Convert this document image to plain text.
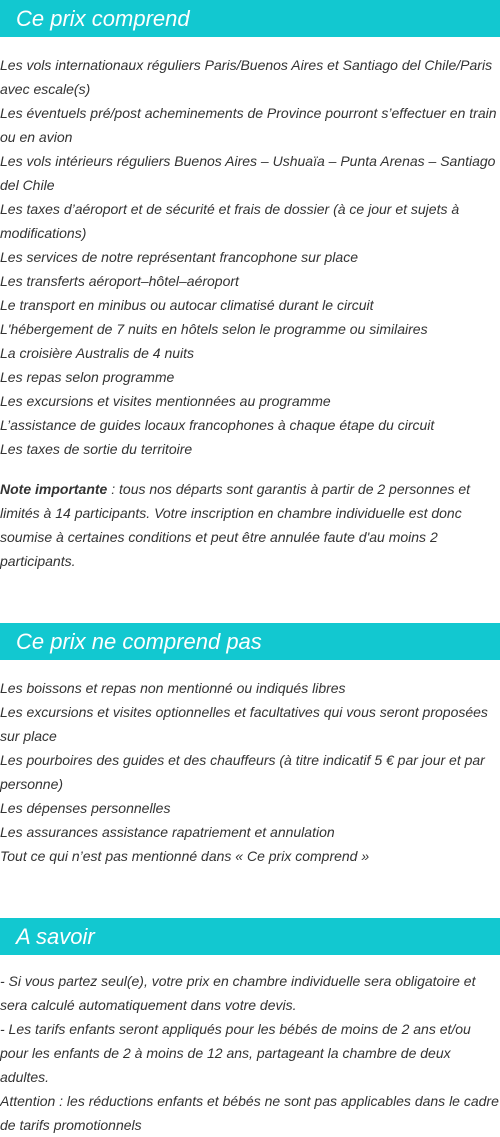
Ce prix comprend
Les vols internationaux réguliers Paris/Buenos Aires et Santiago del Chile/Paris avec escale(s)
Les éventuels pré/post acheminements de Province pourront s’effectuer en train ou en avion
Les vols intérieurs réguliers Buenos Aires – Ushuaïa – Punta Arenas – Santiago del Chile
Les taxes d’aéroport et de sécurité et frais de dossier (à ce jour et sujets à modifications)
Les services de notre représentant francophone sur place
Les transferts aéroport–hôtel–aéroport
Le transport en minibus ou autocar climatisé durant le circuit
L'hébergement de 7 nuits en hôtels selon le programme ou similaires
La croisière Australis de 4 nuits
Les repas selon programme
Les excursions et visites mentionnées au programme
L’assistance de guides locaux francophones à chaque étape du circuit
Les taxes de sortie du territoire

Note importante : tous nos départs sont garantis à partir de 2 personnes et limités à 14 participants. Votre inscription en chambre individuelle est donc soumise à certaines conditions et peut être annulée faute d'au moins 2 participants.

Ce prix ne comprend pas
Les boissons et repas non mentionné ou indiqués libres
Les excursions et visites optionnelles et facultatives qui vous seront proposées sur place
Les pourboires des guides et des chauffeurs (à titre indicatif 5 € par jour et par personne)
Les dépenses personnelles
Les assurances assistance rapatriement et annulation
Tout ce qui n’est pas mentionné dans « Ce prix comprend »
A savoir
- Si vous partez seul(e), votre prix en chambre individuelle sera obligatoire et sera calculé automatiquement dans votre devis.
- Les tarifs enfants seront appliqués pour les bébés de moins de 2 ans et/ou pour les enfants de 2 à moins de 12 ans, partageant la chambre de deux adultes.
Attention : les réductions enfants et bébés ne sont pas applicables dans le cadre de tarifs promotionnels
